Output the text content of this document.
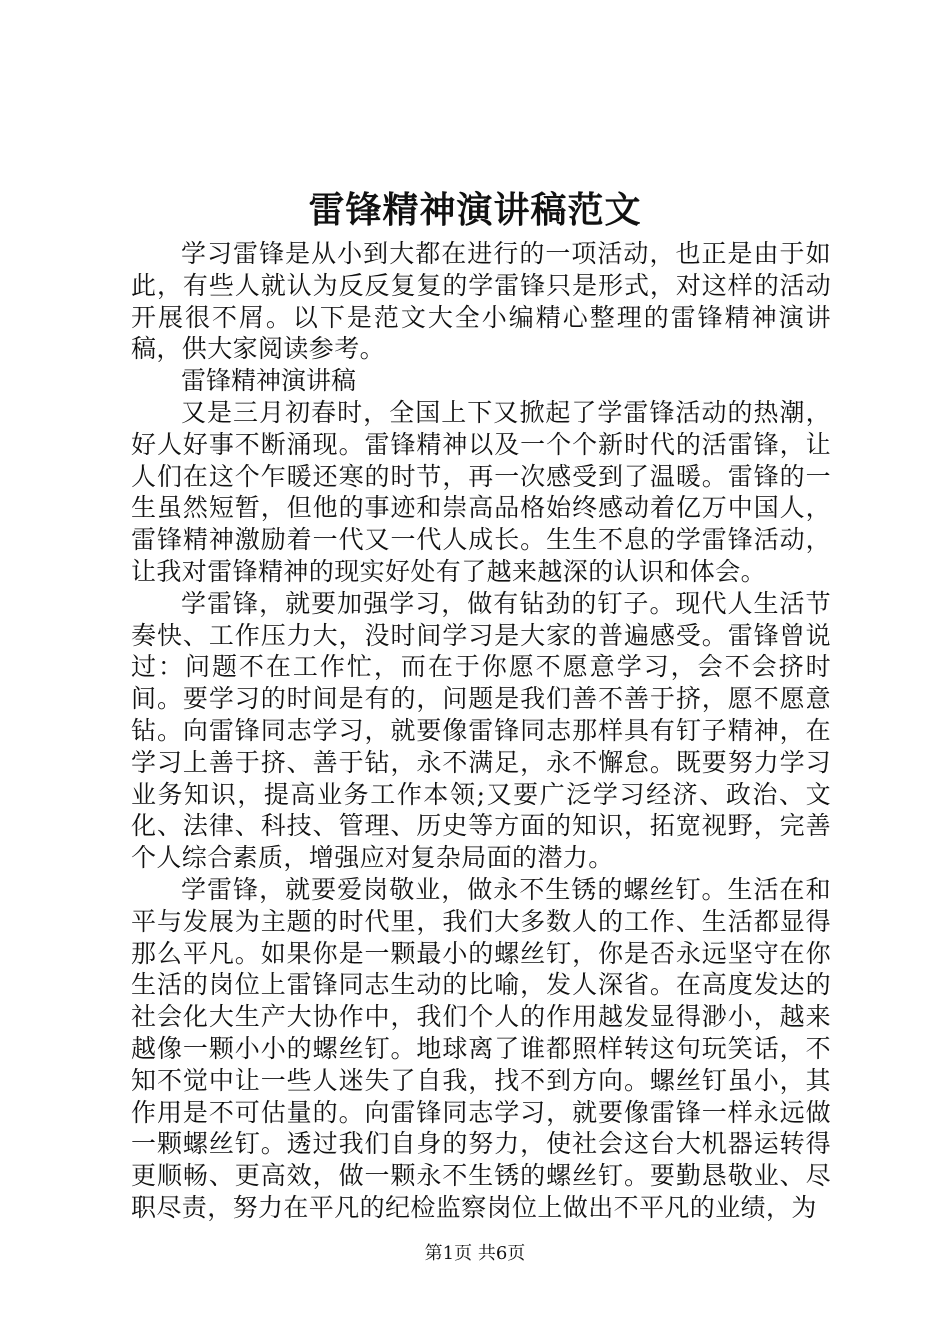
雷锋精神演讲稿范文

学习雷锋是从小到大都在进行的一项活动，也正是由于如此，有些人就认为反反复复的学雷锋只是形式，对这样的活动开展很不屑。以下是范文大全小编精心整理的雷锋精神演讲稿，供大家阅读参考。

雷锋精神演讲稿

又是三月初春时，全国上下又掀起了学雷锋活动的热潮，好人好事不断涌现。雷锋精神以及一个个新时代的活雷锋，让人们在这个乍暖还寒的时节，再一次感受到了温暖。雷锋的一生虽然短暂，但他的事迹和崇高品格始终感动着亿万中国人，雷锋精神激励着一代又一代人成长。生生不息的学雷锋活动，让我对雷锋精神的现实好处有了越来越深的认识和体会。

学雷锋，就要加强学习，做有钻劲的钉子。现代人生活节奏快、工作压力大，没时间学习是大家的普遍感受。雷锋曾说过：问题不在工作忙，而在于你愿不愿意学习，会不会挤时间。要学习的时间是有的，问题是我们善不善于挤，愿不愿意钻。向雷锋同志学习，就要像雷锋同志那样具有钉子精神，在学习上善于挤、善于钻，永不满足，永不懈怠。既要努力学习业务知识，提高业务工作本领;又要广泛学习经济、政治、文化、法律、科技、管理、历史等方面的知识，拓宽视野，完善个人综合素质，增强应对复杂局面的潜力。

学雷锋，就要爱岗敬业，做永不生锈的螺丝钉。生活在和平与发展为主题的时代里，我们大多数人的工作、生活都显得那么平凡。如果你是一颗最小的螺丝钉，你是否永远坚守在你生活的岗位上雷锋同志生动的比喻，发人深省。在高度发达的社会化大生产大协作中，我们个人的作用越发显得渺小，越来越像一颗小小的螺丝钉。地球离了谁都照样转这句玩笑话，不知不觉中让一些人迷失了自我，找不到方向。螺丝钉虽小，其作用是不可估量的。向雷锋同志学习，就要像雷锋一样永远做一颗螺丝钉。透过我们自身的努力，使社会这台大机器运转得更顺畅、更高效，做一颗永不生锈的螺丝钉。要勤恳敬业、尽职尽责，努力在平凡的纪检监察岗位上做出不平凡的业绩，为

第1页 共6页
